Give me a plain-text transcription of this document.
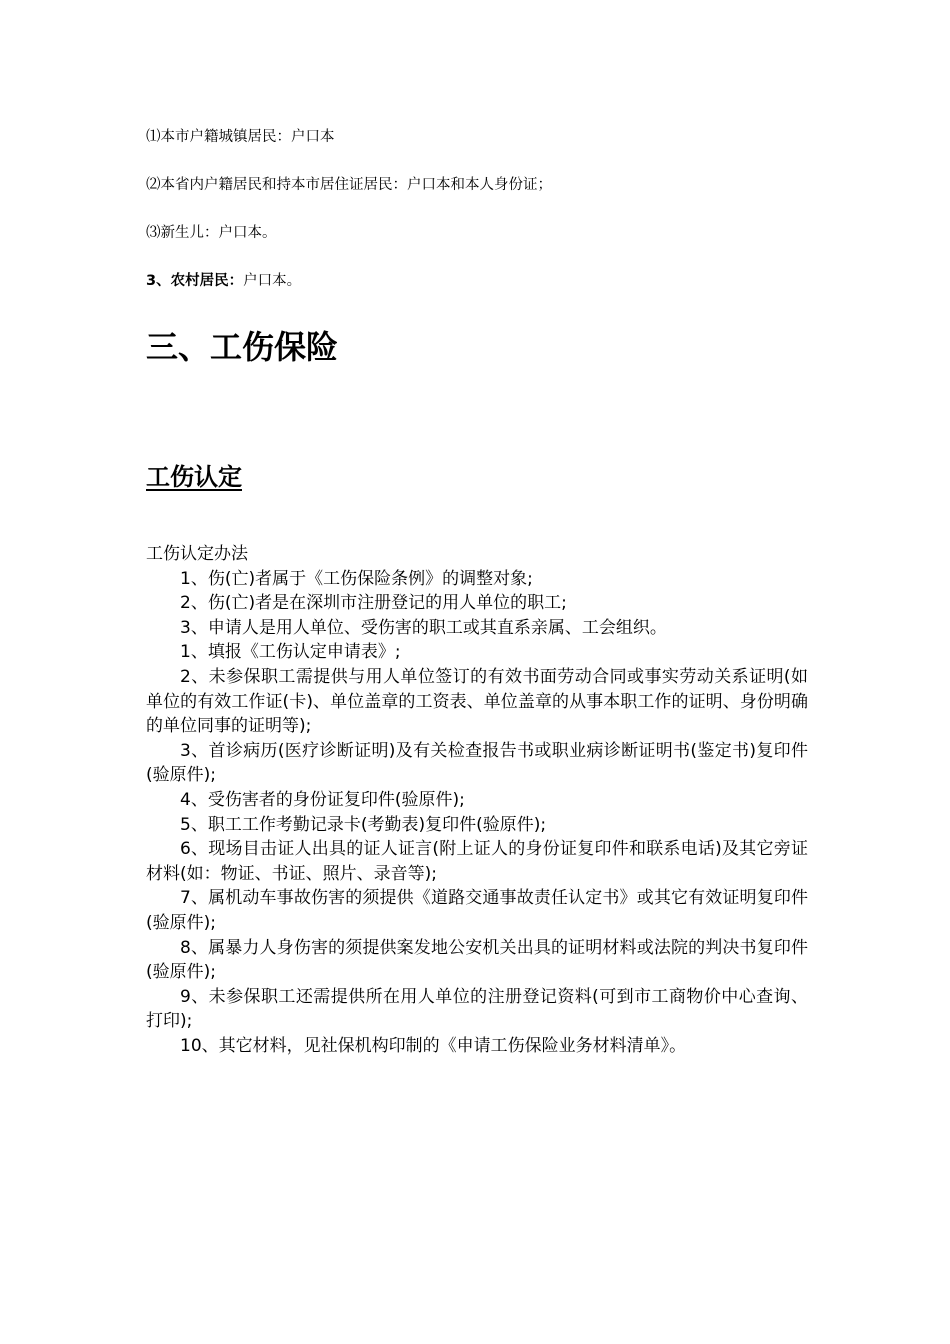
⑴本市户籍城镇居民：户口本
⑵本省内户籍居民和持本市居住证居民：户口本和本人身份证；
⑶新生儿：户口本。
3、农村居民：户口本。
三、工伤保险
工伤认定

工伤认定办法

1、伤(亡)者属于《工伤保险条例》的调整对象;

2、伤(亡)者是在深圳市注册登记的用人单位的职工;

3、申请人是用人单位、受伤害的职工或其直系亲属、工会组织。

1、填报《工伤认定申请表》;

2、未参保职工需提供与用人单位签订的有效书面劳动合同或事实劳动关系证明(如单位的有效工作证(卡)、单位盖章的工资表、单位盖章的从事本职工作的证明、身份明确的单位同事的证明等);

3、首诊病历(医疗诊断证明)及有关检查报告书或职业病诊断证明书(鉴定书)复印件(验原件);

4、受伤害者的身份证复印件(验原件);

5、职工工作考勤记录卡(考勤表)复印件(验原件);

6、现场目击证人出具的证人证言(附上证人的身份证复印件和联系电话)及其它旁证材料(如：物证、书证、照片、录音等);

7、属机动车事故伤害的须提供《道路交通事故责任认定书》或其它有效证明复印件(验原件);

8、属暴力人身伤害的须提供案发地公安机关出具的证明材料或法院的判决书复印件(验原件);

9、未参保职工还需提供所在用人单位的注册登记资料(可到市工商物价中心查询、打印);

10、其它材料，见社保机构印制的《申请工伤保险业务材料清单》。
